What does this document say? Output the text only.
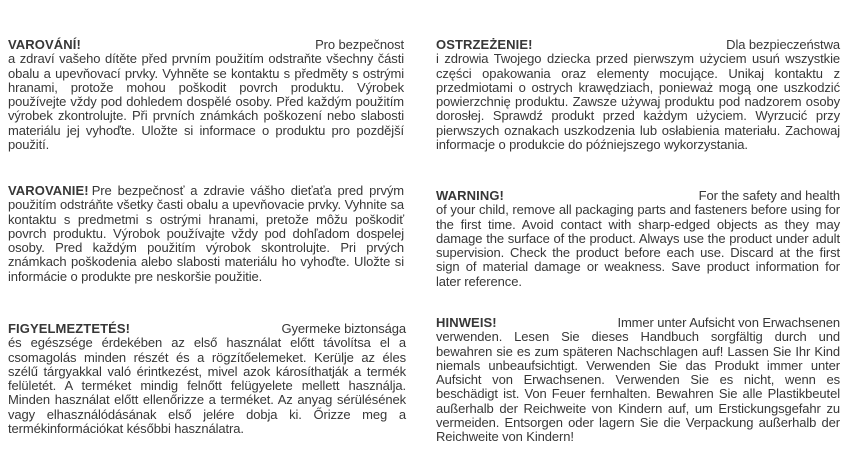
VAROVÁNÍ!	Pro bezpečnost

a zdraví vašeho dítěte před prvním použitím odstraňte všechny části obalu a upevňovací prvky. Vyhněte se kontaktu s předměty s ostrými hranami, protože mohou poškodit povrch produktu. Výrobek používejte vždy pod dohledem dospělé osoby. Před každým použitím výrobek zkontrolujte. Při prvních známkách poškození nebo slabosti materiálu jej vyhoďte. Uložte si informace o produktu pro pozdější použití.

VAROVANIE! Pre bezpečnosť a zdravie vášho dieťaťa pred prvým použitím odstráňte všetky časti obalu a upevňovacie prvky. Vyhnite sa kontaktu s predmetmi s ostrými hranami, pretože môžu poškodiť povrch produktu. Výrobok používajte vždy pod dohľadom dospelej osoby. Pred každým použitím výrobok skontrolujte. Pri prvých známkach poškodenia alebo slabosti materiálu ho vyhoďte. Uložte si informácie o produkte pre neskoršie použitie.

FIGYELMEZTETÉS!	Gyermeke biztonsága

és egészsége érdekében az első használat előtt távolítsa el a csomagolás minden részét és a rögzítőelemeket. Kerülje az éles szélű tárgyakkal való érintkezést, mivel azok károsíthatják a termék felületét. A terméket mindig felnőtt felügyelete mellett használja. Minden használat előtt ellenőrizze a terméket. Az anyag sérülésének vagy elhasználódásának első jelére dobja ki. Őrizze meg a termékinformációkat későbbi használatra.

OSTRZEŻENIE!	Dla bezpieczeństwa

i zdrowia Twojego dziecka przed pierwszym użyciem usuń wszystkie części opakowania oraz elementy mocujące. Unikaj kontaktu z przedmiotami o ostrych krawędziach, ponieważ mogą one uszkodzić powierzchnię produktu. Zawsze używaj produktu pod nadzorem osoby dorosłej. Sprawdź produkt przed każdym użyciem. Wyrzucić przy pierwszych oznakach uszkodzenia lub osłabienia materiału. Zachowaj informacje o produkcie do późniejszego wykorzystania.

WARNING!	For the safety and health

of your child, remove all packaging parts and fasteners before using for the first time. Avoid contact with sharp-edged objects as they may damage the surface of the product. Always use the product under adult supervision. Check the product before each use. Discard at the first sign of material damage or weakness. Save product information for later reference.

HINWEIS!	Immer unter Aufsicht von Erwachsenen

verwenden. Lesen Sie dieses Handbuch sorgfältig durch und bewahren sie es zum späteren Nachschlagen auf! Lassen Sie Ihr Kind niemals unbeaufsichtigt. Verwenden Sie das Produkt immer unter Aufsicht von Erwachsenen. Verwenden Sie es nicht, wenn es beschädigt ist. Von Feuer fernhalten. Bewahren Sie alle Plastikbeutel außerhalb der Reichweite von Kindern auf, um Erstickungsgefahr zu vermeiden. Entsorgen oder lagern Sie die Verpackung außerhalb der Reichweite von Kindern!
